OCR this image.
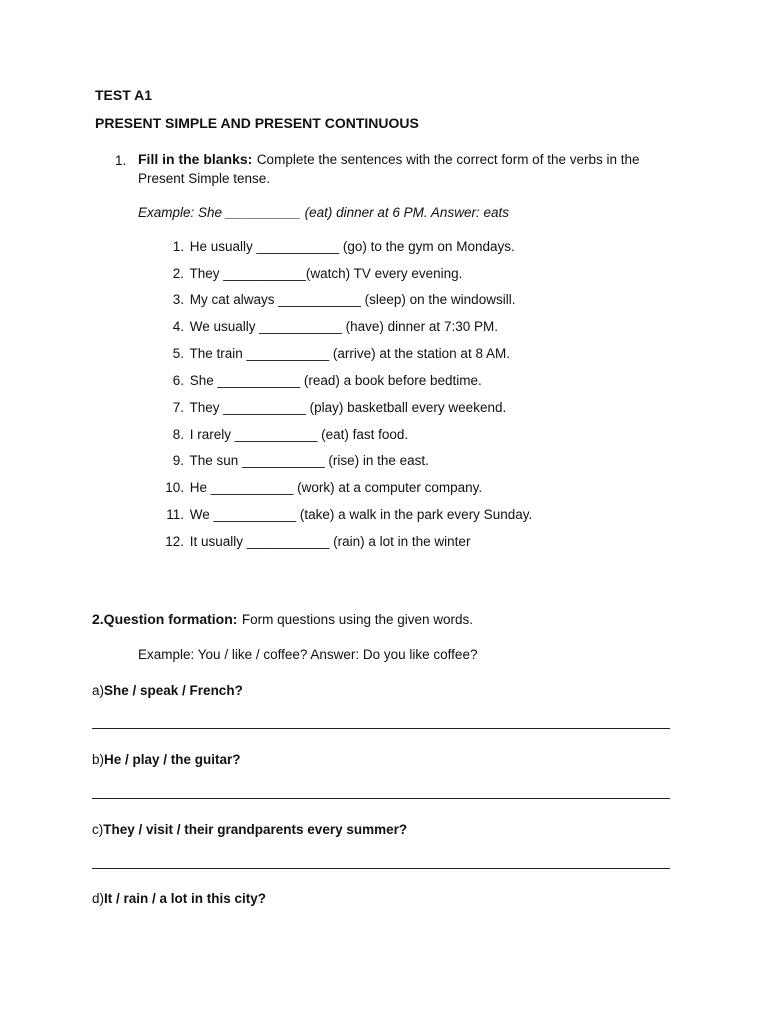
TEST A1
PRESENT SIMPLE AND PRESENT CONTINUOUS
1. Fill in the blanks: Complete the sentences with the correct form of the verbs in the
Present Simple tense.
Example: She __________ (eat) dinner at 6 PM. Answer: eats
1. He usually ___________ (go) to the gym on Mondays.
2. They ___________(watch) TV every evening.
3. My cat always ___________ (sleep) on the windowsill.
4. We usually ___________ (have) dinner at 7:30 PM.
5. The train ___________ (arrive) at the station at 8 AM.
6. She ___________ (read) a book before bedtime.
7. They ___________ (play) basketball every weekend.
8. I rarely ___________ (eat) fast food.
9. The sun ___________ (rise) in the east.
10. He ___________ (work) at a computer company.
11. We ___________ (take) a walk in the park every Sunday.
12. It usually ___________ (rain) a lot in the winter
2.Question formation: Form questions using the given words.
Example: You / like / coffee? Answer: Do you like coffee?
a)She / speak / French?
b)He / play / the guitar?
c)They / visit / their grandparents every summer?
d)It / rain / a lot in this city?
